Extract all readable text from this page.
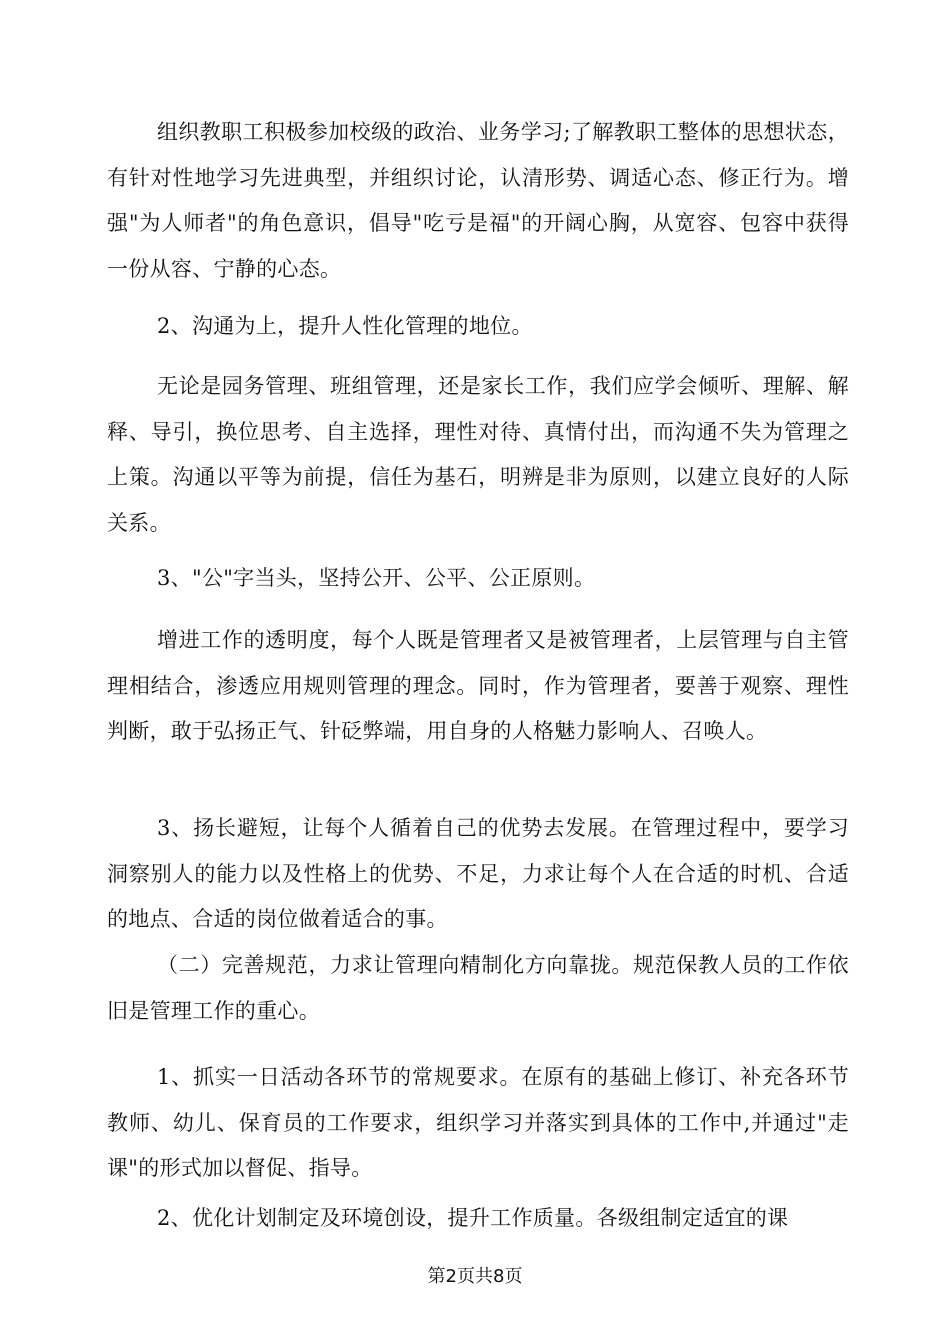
组织教职工积极参加校级的政治、业务学习;了解教职工整体的思想状态，有针对性地学习先进典型，并组织讨论，认清形势、调适心态、修正行为。增强"为人师者"的角色意识，倡导"吃亏是福"的开阔心胸，从宽容、包容中获得一份从容、宁静的心态。

2、沟通为上，提升人性化管理的地位。

无论是园务管理、班组管理，还是家长工作，我们应学会倾听、理解、解释、导引，换位思考、自主选择，理性对待、真情付出，而沟通不失为管理之上策。沟通以平等为前提，信任为基石，明辨是非为原则，以建立良好的人际关系。

3、"公"字当头，坚持公开、公平、公正原则。

增进工作的透明度，每个人既是管理者又是被管理者，上层管理与自主管理相结合，渗透应用规则管理的理念。同时，作为管理者，要善于观察、理性判断，敢于弘扬正气、针砭弊端，用自身的人格魅力影响人、召唤人。

3、扬长避短，让每个人循着自己的优势去发展。在管理过程中，要学习洞察别人的能力以及性格上的优势、不足，力求让每个人在合适的时机、合适的地点、合适的岗位做着适合的事。

（二）完善规范，力求让管理向精制化方向靠拢。规范保教人员的工作依旧是管理工作的重心。

1、抓实一日活动各环节的常规要求。在原有的基础上修订、补充各环节教师、幼儿、保育员的工作要求，组织学习并落实到具体的工作中,并通过"走课"的形式加以督促、指导。

2、优化计划制定及环境创设，提升工作质量。各级组制定适宜的课

第2页共8页
